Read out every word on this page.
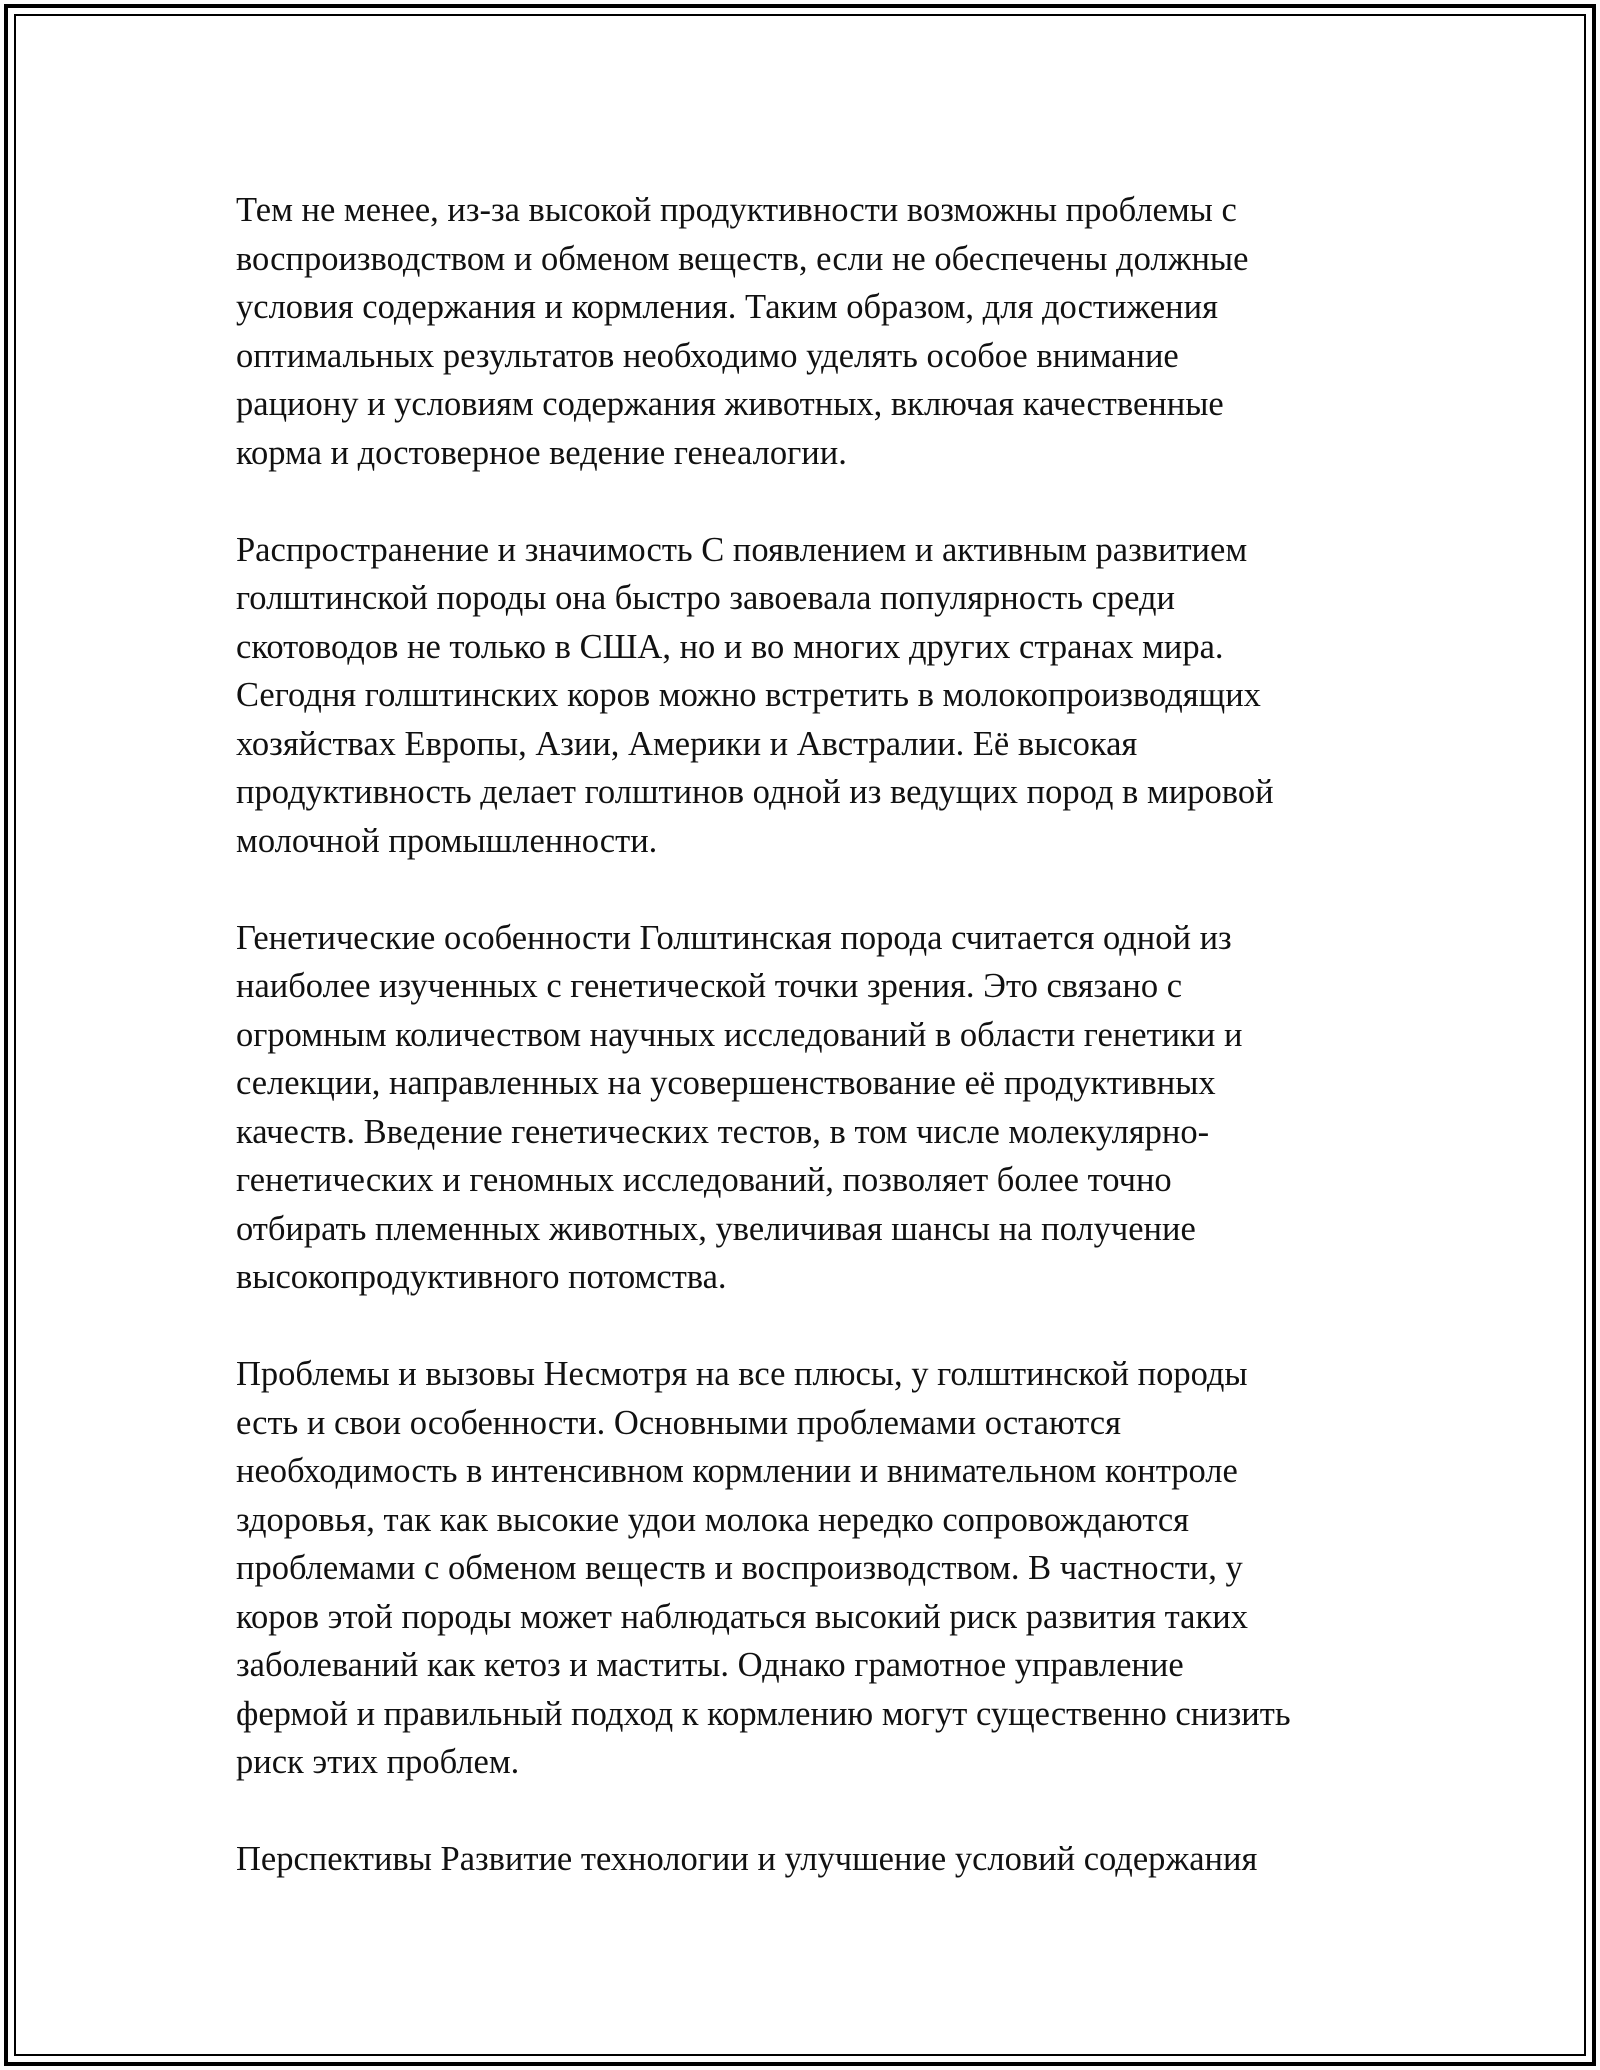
Тем не менее, из-за высокой продуктивности возможны проблемы с
воспроизводством и обменом веществ, если не обеспечены должные
условия содержания и кормления. Таким образом, для достижения
оптимальных результатов необходимо уделять особое внимание
рациону и условиям содержания животных, включая качественные
корма и достоверное ведение генеалогии.
Распространение и значимость С появлением и активным развитием
голштинской породы она быстро завоевала популярность среди
скотоводов не только в США, но и во многих других странах мира.
Сегодня голштинских коров можно встретить в молокопроизводящих
хозяйствах Европы, Азии, Америки и Австралии. Её высокая
продуктивность делает голштинов одной из ведущих пород в мировой
молочной промышленности.
Генетические особенности Голштинская порода считается одной из
наиболее изученных с генетической точки зрения. Это связано с
огромным количеством научных исследований в области генетики и
селекции, направленных на усовершенствование её продуктивных
качеств. Введение генетических тестов, в том числе молекулярно-
генетических и геномных исследований, позволяет более точно
отбирать племенных животных, увеличивая шансы на получение
высокопродуктивного потомства.
Проблемы и вызовы Несмотря на все плюсы, у голштинской породы
есть и свои особенности. Основными проблемами остаются
необходимость в интенсивном кормлении и внимательном контроле
здоровья, так как высокие удои молока нередко сопровождаются
проблемами с обменом веществ и воспроизводством. В частности, у
коров этой породы может наблюдаться высокий риск развития таких
заболеваний как кетоз и маститы. Однако грамотное управление
фермой и правильный подход к кормлению могут существенно снизить
риск этих проблем.
Перспективы Развитие технологии и улучшение условий содержания
